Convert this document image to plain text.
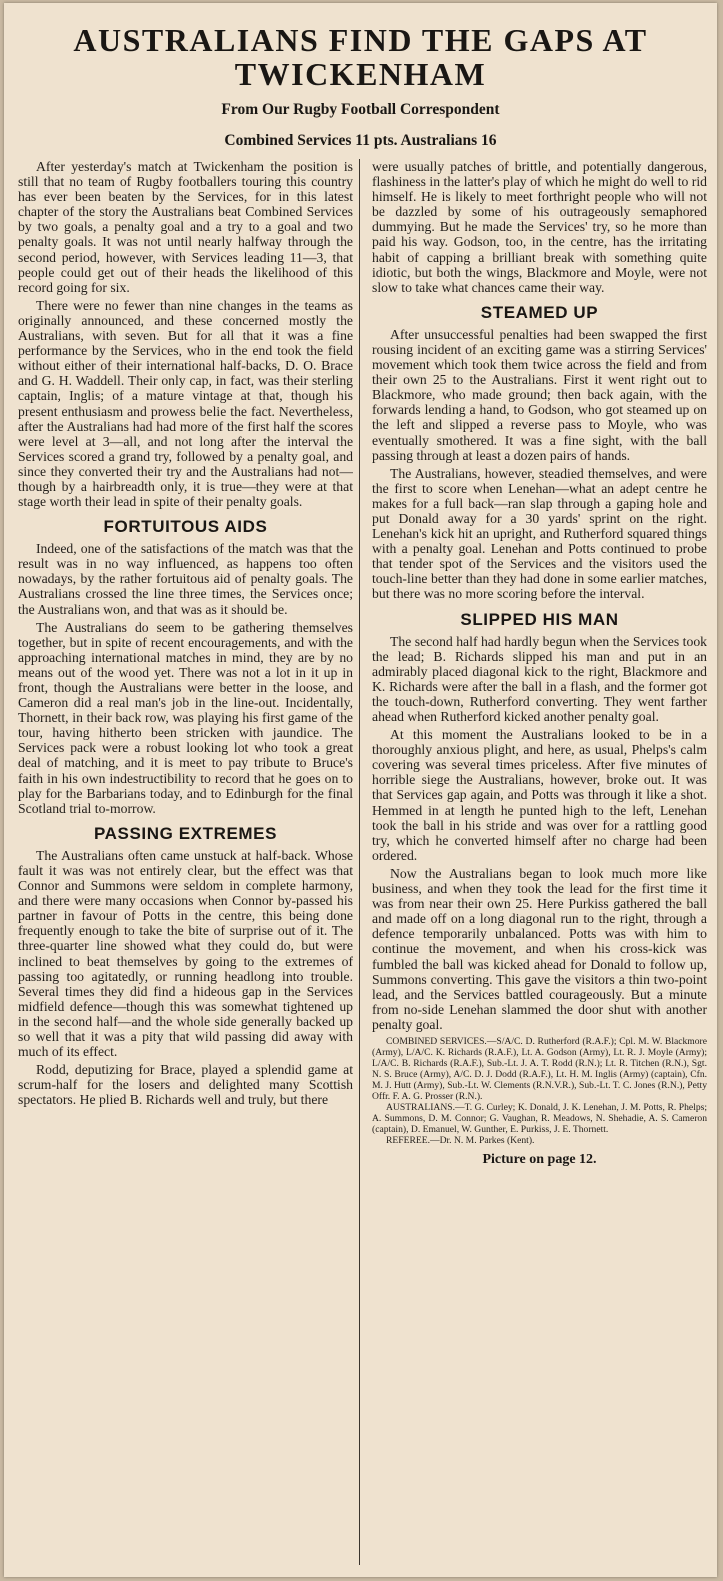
AUSTRALIANS FIND THE GAPS AT TWICKENHAM
From Our Rugby Football Correspondent
Combined Services 11 pts. Australians 16

After yesterday's match at Twickenham the position is still that no team of Rugby footballers touring this country has ever been beaten by the Services, for in this latest chapter of the story the Australians beat Combined Services by two goals, a penalty goal and a try to a goal and two penalty goals. It was not until nearly halfway through the second period, however, with Services leading 11—3, that people could get out of their heads the likelihood of this record going for six.

There were no fewer than nine changes in the teams as originally announced, and these concerned mostly the Australians, with seven. But for all that it was a fine performance by the Services, who in the end took the field without either of their international half-backs, D. O. Brace and G. H. Waddell. Their only cap, in fact, was their sterling captain, Inglis; of a mature vintage at that, though his present enthusiasm and prowess belie the fact. Nevertheless, after the Australians had had more of the first half the scores were level at 3—all, and not long after the interval the Services scored a grand try, followed by a penalty goal, and since they converted their try and the Australians had not—though by a hairbreadth only, it is true—they were at that stage worth their lead in spite of their penalty goals.

FORTUITOUS AIDS

Indeed, one of the satisfactions of the match was that the result was in no way influenced, as happens too often nowadays, by the rather fortuitous aid of penalty goals. The Australians crossed the line three times, the Services once; the Australians won, and that was as it should be.

The Australians do seem to be gathering themselves together, but in spite of recent encouragements, and with the approaching international matches in mind, they are by no means out of the wood yet. There was not a lot in it up in front, though the Australians were better in the loose, and Cameron did a real man's job in the line-out. Incidentally, Thornett, in their back row, was playing his first game of the tour, having hitherto been stricken with jaundice. The Services pack were a robust looking lot who took a great deal of matching, and it is meet to pay tribute to Bruce's faith in his own indestructibility to record that he goes on to play for the Barbarians today, and to Edinburgh for the final Scotland trial to-morrow.

PASSING EXTREMES

The Australians often came unstuck at half-back. Whose fault it was was not entirely clear, but the effect was that Connor and Summons were seldom in complete harmony, and there were many occasions when Connor by-passed his partner in favour of Potts in the centre, this being done frequently enough to take the bite of surprise out of it. The three-quarter line showed what they could do, but were inclined to beat themselves by going to the extremes of passing too agitatedly, or running headlong into trouble. Several times they did find a hideous gap in the Services midfield defence—though this was somewhat tightened up in the second half—and the whole side generally backed up so well that it was a pity that wild passing did away with much of its effect.

Rodd, deputizing for Brace, played a splendid game at scrum-half for the losers and delighted many Scottish spectators. He plied B. Richards well and truly, but there

were usually patches of brittle, and potentially dangerous, flashiness in the latter's play of which he might do well to rid himself. He is likely to meet forthright people who will not be dazzled by some of his outrageously semaphored dummying. But he made the Services' try, so he more than paid his way. Godson, too, in the centre, has the irritating habit of capping a brilliant break with something quite idiotic, but both the wings, Blackmore and Moyle, were not slow to take what chances came their way.

STEAMED UP

After unsuccessful penalties had been swapped the first rousing incident of an exciting game was a stirring Services' movement which took them twice across the field and from their own 25 to the Australians. First it went right out to Blackmore, who made ground; then back again, with the forwards lending a hand, to Godson, who got steamed up on the left and slipped a reverse pass to Moyle, who was eventually smothered. It was a fine sight, with the ball passing through at least a dozen pairs of hands.

The Australians, however, steadied themselves, and were the first to score when Lenehan—what an adept centre he makes for a full back—ran slap through a gaping hole and put Donald away for a 30 yards' sprint on the right. Lenehan's kick hit an upright, and Rutherford squared things with a penalty goal. Lenehan and Potts continued to probe that tender spot of the Services and the visitors used the touch-line better than they had done in some earlier matches, but there was no more scoring before the interval.

SLIPPED HIS MAN

The second half had hardly begun when the Services took the lead; B. Richards slipped his man and put in an admirably placed diagonal kick to the right, Blackmore and K. Richards were after the ball in a flash, and the former got the touch-down, Rutherford converting. They went farther ahead when Rutherford kicked another penalty goal.

At this moment the Australians looked to be in a thoroughly anxious plight, and here, as usual, Phelps's calm covering was several times priceless. After five minutes of horrible siege the Australians, however, broke out. It was that Services gap again, and Potts was through it like a shot. Hemmed in at length he punted high to the left, Lenehan took the ball in his stride and was over for a rattling good try, which he converted himself after no charge had been ordered.

Now the Australians began to look much more like business, and when they took the lead for the first time it was from near their own 25. Here Purkiss gathered the ball and made off on a long diagonal run to the right, through a defence temporarily unbalanced. Potts was with him to continue the movement, and when his cross-kick was fumbled the ball was kicked ahead for Donald to follow up, Summons converting. This gave the visitors a thin two-point lead, and the Services battled courageously. But a minute from no-side Lenehan slammed the door shut with another penalty goal.

COMBINED SERVICES.—S/A/C. D. Rutherford (R.A.F.); Cpl. M. W. Blackmore (Army), L/A/C. K. Richards (R.A.F.), Lt. A. Godson (Army), Lt. R. J. Moyle (Army); L/A/C. B. Richards (R.A.F.), Sub.-Lt. J. A. T. Rodd (R.N.); Lt. R. Titchen (R.N.), Sgt. N. S. Bruce (Army), A/C. D. J. Dodd (R.A.F.), Lt. H. M. Inglis (Army) (captain), Cfn. M. J. Hutt (Army), Sub.-Lt. W. Clements (R.N.V.R.), Sub.-Lt. T. C. Jones (R.N.), Petty Offr. F. A. G. Prosser (R.N.).

AUSTRALIANS.—T. G. Curley; K. Donald, J. K. Lenehan, J. M. Potts, R. Phelps; A. Summons, D. M. Connor; G. Vaughan, R. Meadows, N. Shehadie, A. S. Cameron (captain), D. Emanuel, W. Gunther, E. Purkiss, J. E. Thornett.

REFEREE.—Dr. N. M. Parkes (Kent).

Picture on page 12.
